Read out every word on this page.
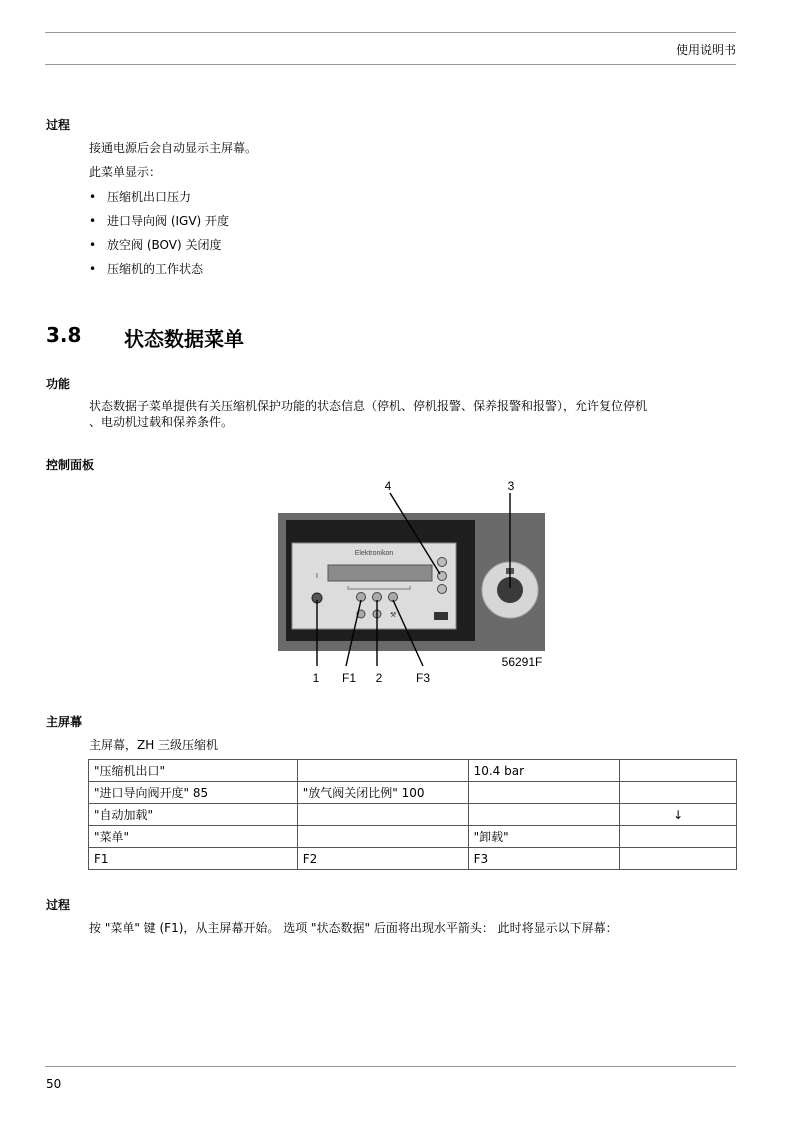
使用说明书
过程
接通电源后会自动显示主屏幕。
此菜单显示：
• 压缩机出口压力
• 进口导向阀 (IGV) 开度
• 放空阀 (BOV) 关闭度
• 压缩机的工作状态
3.8 状态数据菜单
功能
状态数据子菜单提供有关压缩机保护功能的状态信息（停机、停机报警、保养报警和报警），允许复位停机
、电动机过载和保养条件。
控制面板
Elektronikon
I
⚒
4	3
1 F1 2	F3
56291F
主屏幕
主屏幕，ZH 三级压缩机
"压缩机出口"		10.4 bar	
"进口导向阀开度" 85	"放气阀关闭比例" 100		
"自动加载"			↓
"菜单"		"卸载"	
F1	F2	F3	
过程
按 "菜单" 键 (F1)，从主屏幕开始。 选项 "状态数据" 后面将出现水平箭头： 此时将显示以下屏幕：
50
